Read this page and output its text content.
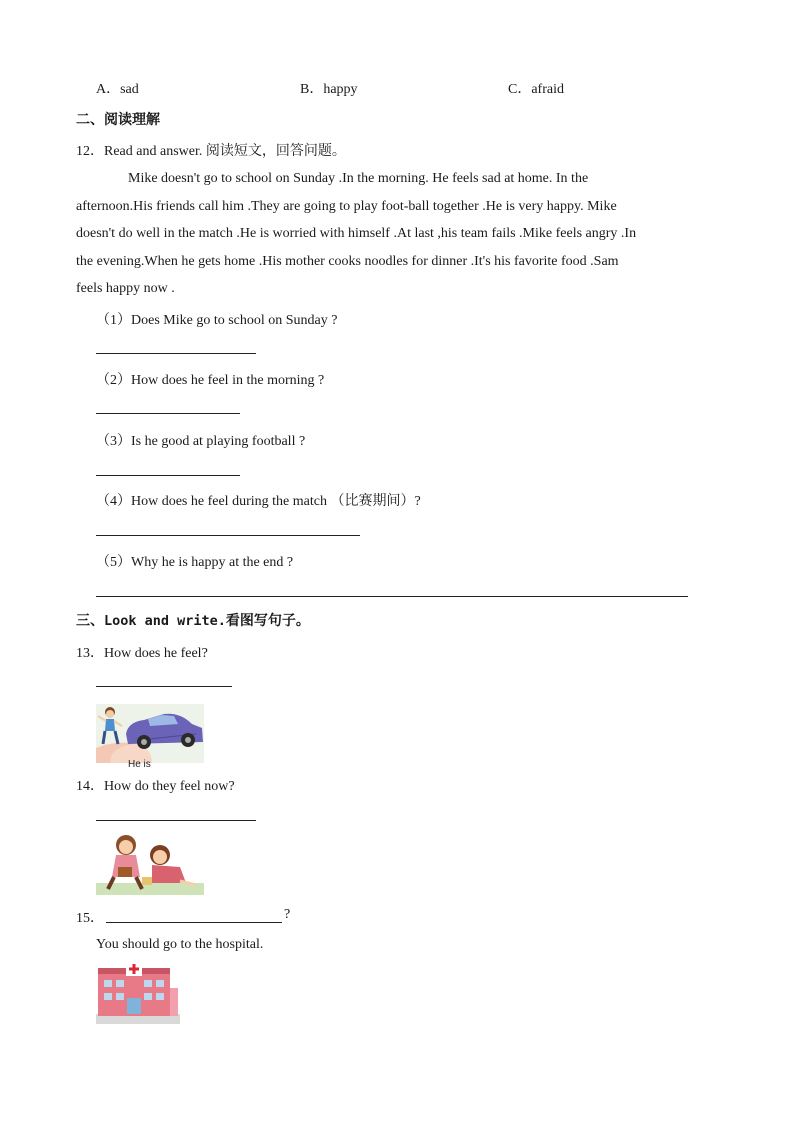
A．sad	B．happy	C．afraid
二、阅读理解
12．Read and answer. 阅读短文，回答问题。
Mike doesn't go to school on Sunday .In the morning. He feels sad at home. In the
afternoon.His friends call him .They are going to play foot-ball together .He is very happy. Mike
doesn't do well in the match .He is worried with himself .At last ,his team fails .Mike feels angry .In
the evening.When he gets home .His mother cooks noodles for dinner .It's his favorite food .Sam
feels happy now .
（1）Does Mike go to school on Sunday ?
（2）How does he feel in the morning ?
（3）Is he good at playing football ?
（4）How does he feel during the match （比赛期间）?
（5）Why he is happy at the end ?
三、Look and write.看图写句子。
13．How does he feel?
He is
14．How do they feel now?
15．	?
You should go to the hospital.
